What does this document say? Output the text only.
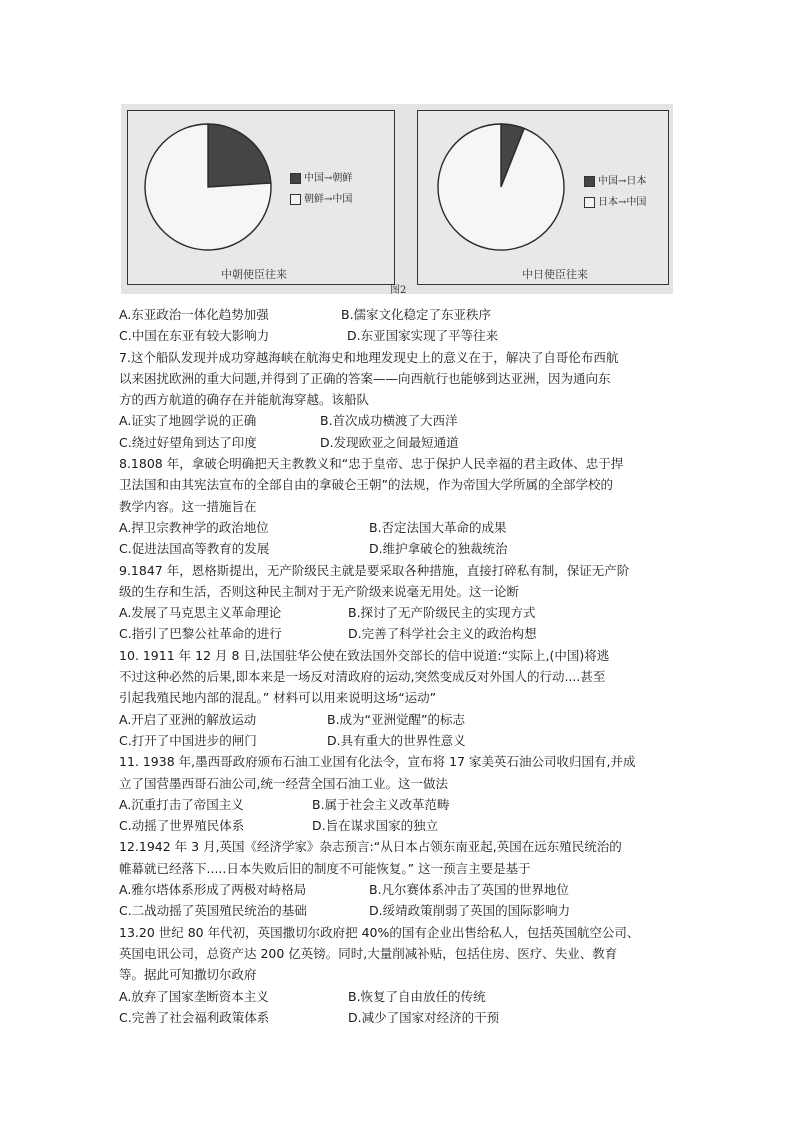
中国→朝鲜
朝鲜→中国
中朝使臣往来
中国→日本
日本→中国
中日使臣往来
图2
A.东亚政治一体化趋势加强	B.儒家文化稳定了东亚秩序
C.中国在东亚有较大影响力	D.东亚国家实现了平等往来

7.这个船队发现并成功穿越海峡在航海史和地理发现史上的意义在于，解决了自哥伦布西航

以来困扰欧洲的重大问题,并得到了正确的答案——向西航行也能够到达亚洲，因为通向东

方的西方航道的确存在并能航海穿越。该船队

A.证实了地圆学说的正确	B.首次成功横渡了大西洋
C.绕过好望角到达了印度	D.发现欧亚之间最短通道

8.1808 年，拿破仑明确把天主教教义和“忠于皇帝、忠于保护人民幸福的君主政体、忠于捍

卫法国和由其宪法宣布的全部自由的拿破仑王朝”的法规，作为帝国大学所属的全部学校的

教学内容。这一措施旨在

A.捍卫宗教神学的政治地位	B.否定法国大革命的成果
C.促进法国高等教育的发展	D.维护拿破仑的独裁统治

9.1847 年，恩格斯提出，无产阶级民主就是要采取各种措施，直接打碎私有制，保证无产阶

级的生存和生活，否则这种民主制对于无产阶级来说毫无用处。这一论断

A.发展了马克思主义革命理论	B.探讨了无产阶级民主的实现方式
C.指引了巴黎公社革命的进行	D.完善了科学社会主义的政治构想

10. 1911 年 12 月 8 日,法国驻华公使在致法国外交部长的信中说道:“实际上,(中国)将逃

不过这种必然的后果,即本来是一场反对清政府的运动,突然变成反对外国人的行动....甚至

引起我殖民地内部的混乱。” 材料可以用来说明这场“运动”

A.开启了亚洲的解放运动	B.成为“亚洲觉醒”的标志
C.打开了中国进步的闸门	D.具有重大的世界性意义

11. 1938 年,墨西哥政府颁布石油工业国有化法令，宣布将 17 家美英石油公司收归国有,并成

立了国营墨西哥石油公司,统一经营全国石油工业。这一做法

A.沉重打击了帝国主义	B.属于社会主义改革范畴
C.动摇了世界殖民体系	D.旨在谋求国家的独立

12.1942 年 3 月,英国《经济学家》杂志预言:“从日本占领东南亚起,英国在远东殖民统治的

帷幕就已经落下.....日本失败后旧的制度不可能恢复。” 这一预言主要是基于

A.雅尔塔体系形成了两极对峙格局	B.凡尔赛体系冲击了英国的世界地位
C.二战动摇了英国殖民统治的基础	D.绥靖政策削弱了英国的国际影响力

13.20 世纪 80 年代初，英国撒切尔政府把 40%的国有企业出售给私人，包括英国航空公司、

英国电讯公司，总资产达 200 亿英镑。同时,大量削减补贴，包括住房、医疗、失业、教育

等。据此可知撒切尔政府

A.放弃了国家垄断资本主义	B.恢复了自由放任的传统
C.完善了社会福利政策体系	D.减少了国家对经济的干预
